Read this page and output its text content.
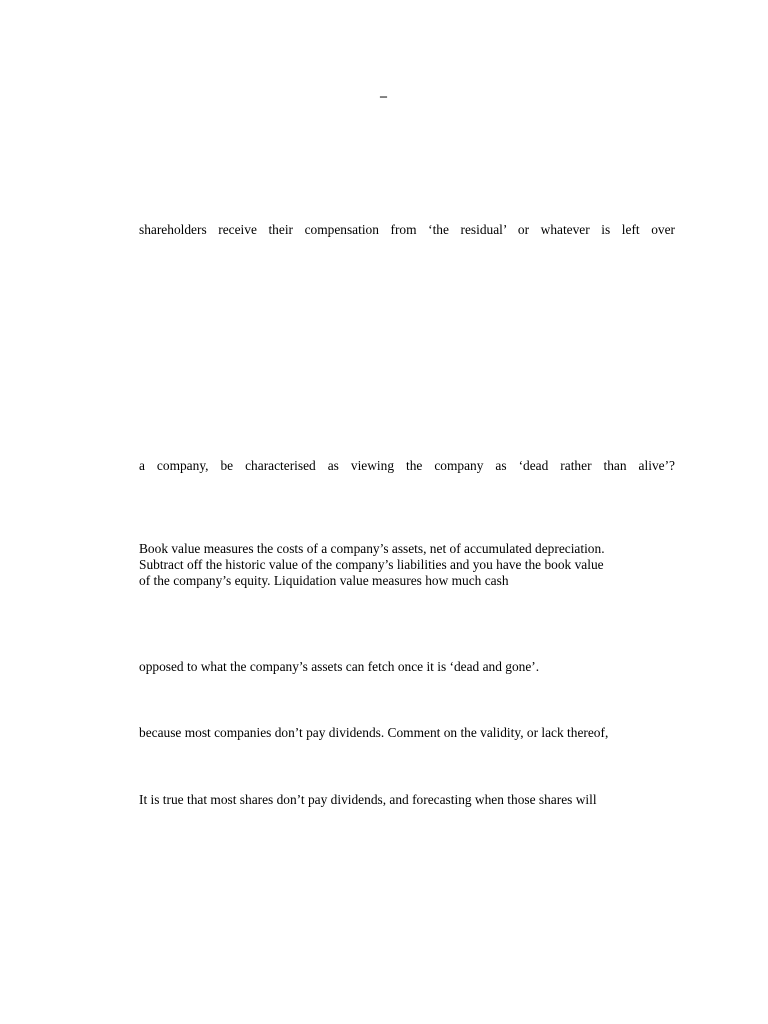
–
shareholders receive their compensation from ‘the residual’ or whatever is left over
a company, be characterised as viewing the company as ‘dead rather than alive’?
Book value measures the costs of a company’s assets, net of accumulated depreciation.
Subtract off the historic value of the company’s liabilities and you have the book value
of the company’s equity. Liquidation value measures how much cash
opposed to what the company’s assets can fetch once it is ‘dead and gone’.
because most companies don’t pay dividends. Comment on the validity, or lack thereof,
It is true that most shares don’t pay dividends, and forecasting when those shares will
